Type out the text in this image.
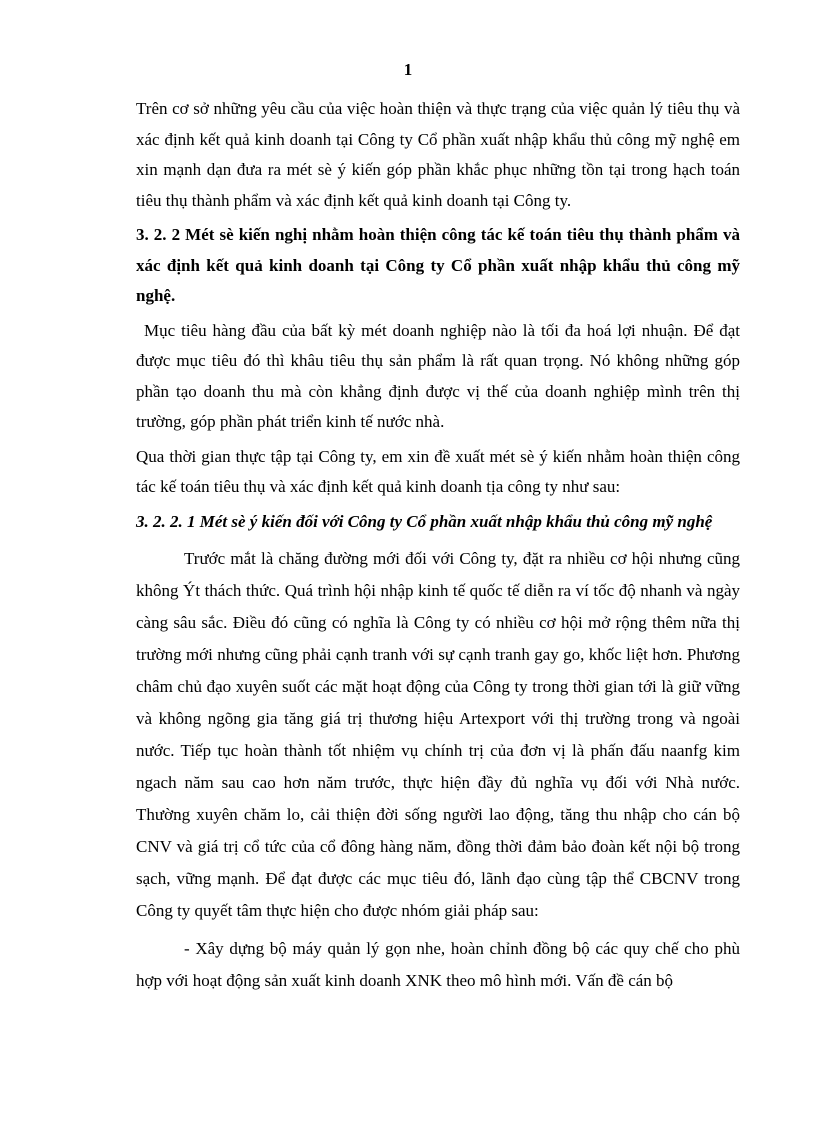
1

Trên cơ sở những yêu cầu của việc hoàn thiện và thực trạng của việc quản lý tiêu thụ và xác định kết quả kinh doanh tại Công ty Cổ phần xuất nhập khẩu thủ công mỹ nghệ em xin mạnh dạn đưa ra mét sè ý kiến góp phần khắc phục những tồn tại trong hạch toán tiêu thụ thành phẩm và xác định kết quả kinh doanh tại Công ty.

3. 2. 2 Mét sè kiến nghị nhằm hoàn thiện công tác kế toán tiêu thụ thành phẩm và xác định kết quả kinh doanh tại Công ty Cổ phần xuất nhập khẩu thủ công mỹ nghệ.

Mục tiêu hàng đầu của bất kỳ mét doanh nghiệp nào là tối đa hoá lợi nhuận. Để đạt được mục tiêu đó thì khâu tiêu thụ sản phẩm là rất quan trọng. Nó không những góp phần tạo doanh thu mà còn khẳng định được vị thế của doanh nghiệp mình trên thị trường, góp phần phát triển kinh tế nước nhà.

Qua thời gian thực tập tại Công ty, em xin đề xuất mét sè ý kiến nhằm hoàn thiện công tác kế toán tiêu thụ và xác định kết quả kinh doanh tịa công ty như sau:

3. 2. 2. 1 Mét sè ý kiến đối với Công ty Cổ phần xuất nhập khẩu thủ công mỹ nghệ

Trước mắt là chăng đường mới đối với Công ty, đặt ra nhiều cơ hội nhưng cũng không Ýt thách thức. Quá trình hội nhập kinh tế quốc tế diễn ra ví tốc độ nhanh và ngày càng sâu sắc. Điều đó cũng có nghĩa là Công ty có nhiều cơ hội mở rộng thêm nữa thị trường mới nhưng cũng phải cạnh tranh với sự cạnh tranh gay go, khốc liệt hơn. Phương châm chủ đạo xuyên suốt các mặt hoạt động của Công ty trong thời gian tới là giữ vững và không ngõng gia tăng giá trị thương hiệu Artexport với thị trường trong và ngoài nước. Tiếp tục hoàn thành tốt nhiệm vụ chính trị của đơn vị là phấn đấu naanfg kim ngach năm sau cao hơn năm trước, thực hiện đầy đủ nghĩa vụ đối với Nhà nước. Thường xuyên chăm lo, cải thiện đời sống người lao động, tăng thu nhập cho cán bộ CNV và giá trị cổ tức của cổ đông hàng năm, đồng thời đảm bảo đoàn kết nội bộ trong sạch, vững mạnh. Để đạt được các mục tiêu đó, lãnh đạo cùng tập thể CBCNV trong Công ty quyết tâm thực hiện cho được nhóm giải pháp sau:

- Xây dựng bộ máy quản lý gọn nhe, hoàn chỉnh đồng bộ các quy chế cho phù hợp với hoạt động sản xuất kinh doanh XNK theo mô hình mới. Vấn đề cán bộ
